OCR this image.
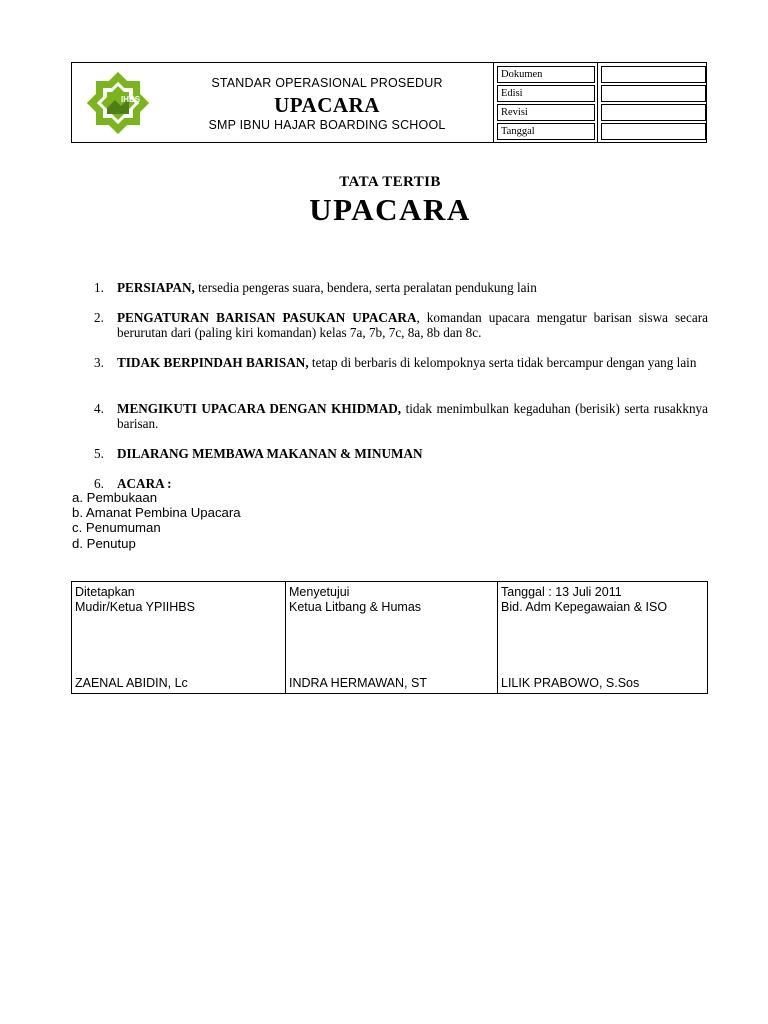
IHBS
STANDAR OPERASIONAL PROSEDUR
UPACARA
SMP IBNU HAJAR BOARDING SCHOOL
Dokumen
Edisi
Revisi
Tanggal
TATA TERTIB
UPACARA
1. PERSIAPAN, tersedia pengeras suara, bendera, serta peralatan pendukung lain
2. PENGATURAN BARISAN PASUKAN UPACARA, komandan upacara mengatur barisan siswa secara berurutan dari (paling kiri komandan) kelas 7a, 7b, 7c, 8a, 8b dan 8c.
3. TIDAK BERPINDAH BARISAN, tetap di berbaris di kelompoknya serta tidak bercampur dengan yang lain
4. MENGIKUTI UPACARA DENGAN KHIDMAD, tidak menimbulkan kegaduhan (berisik) serta rusakknya barisan.
5. DILARANG MEMBAWA MAKANAN & MINUMAN
6. ACARA :
a. Pembukaan
b. Amanat Pembina Upacara
c. Penumuman
d. Penutup
Ditetapkan
Mudir/Ketua YPIIHBS
ZAENAL ABIDIN, Lc
Menyetujui
Ketua Litbang & Humas
INDRA HERMAWAN, ST
Tanggal : 13 Juli 2011
Bid. Adm Kepegawaian & ISO
LILIK PRABOWO, S.Sos
